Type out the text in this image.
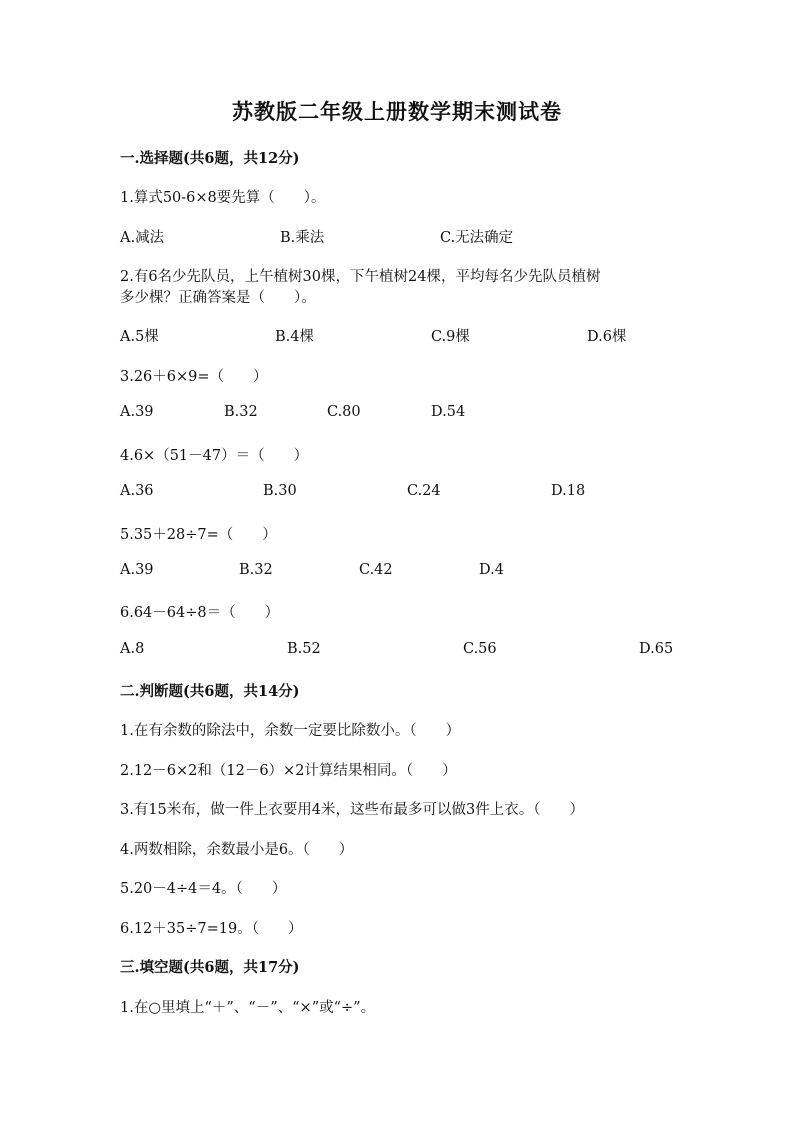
苏教版二年级上册数学期末测试卷
一.选择题(共6题，共12分)
1.算式50-6×8要先算（　　）。
A.减法	B.乘法	C.无法确定
2.有6名少先队员，上午植树30棵，下午植树24棵，平均每名少先队员植树
多少棵？正确答案是（　　）。
A.5棵	B.4棵	C.9棵	D.6棵
3.26＋6×9=（　　）
A.39	B.32	C.80	D.54
4.6×（51－47）＝（　　）
A.36	B.30	C.24	D.18
5.35＋28÷7=（　　）
A.39	B.32	C.42	D.4
6.64－64÷8＝（　　）
A.8	B.52	C.56	D.65
二.判断题(共6题，共14分)
1.在有余数的除法中，余数一定要比除数小。（　　）
2.12－6×2和（12－6）×2计算结果相同。（　　）
3.有15米布，做一件上衣要用4米，这些布最多可以做3件上衣。（　　）
4.两数相除，余数最小是6。（　　）
5.20－4÷4＝4。（　　）
6.12＋35÷7=19。（　　）
三.填空题(共6题，共17分)
1.在○里填上“＋”、“－”、“×”或“÷”。
